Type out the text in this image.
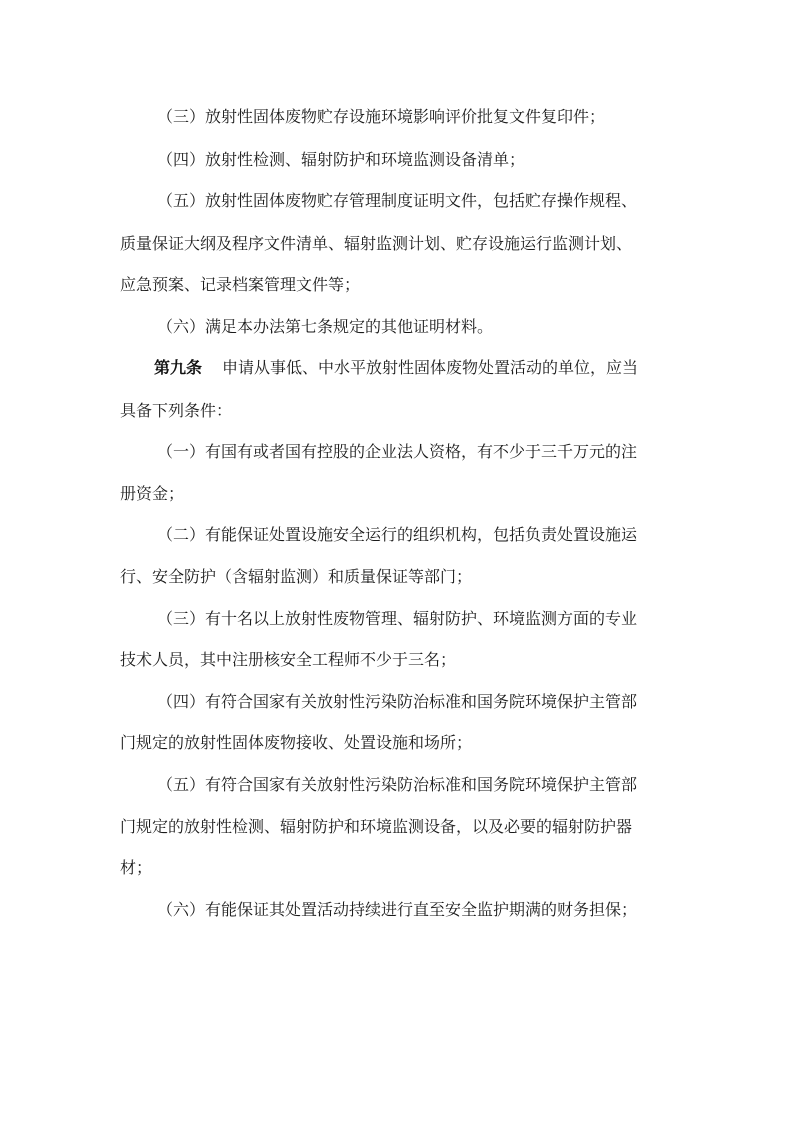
（三）放射性固体废物贮存设施环境影响评价批复文件复印件；
（四）放射性检测、辐射防护和环境监测设备清单；
（五）放射性固体废物贮存管理制度证明文件，包括贮存操作规程、
质量保证大纲及程序文件清单、辐射监测计划、贮存设施运行监测计划、
应急预案、记录档案管理文件等；
（六）满足本办法第七条规定的其他证明材料。
第九条 申请从事低、中水平放射性固体废物处置活动的单位，应当
具备下列条件：
（一）有国有或者国有控股的企业法人资格，有不少于三千万元的注
册资金；
（二）有能保证处置设施安全运行的组织机构，包括负责处置设施运
行、安全防护（含辐射监测）和质量保证等部门；
（三）有十名以上放射性废物管理、辐射防护、环境监测方面的专业
技术人员，其中注册核安全工程师不少于三名；
（四）有符合国家有关放射性污染防治标准和国务院环境保护主管部
门规定的放射性固体废物接收、处置设施和场所；
（五）有符合国家有关放射性污染防治标准和国务院环境保护主管部
门规定的放射性检测、辐射防护和环境监测设备，以及必要的辐射防护器
材；
（六）有能保证其处置活动持续进行直至安全监护期满的财务担保；
